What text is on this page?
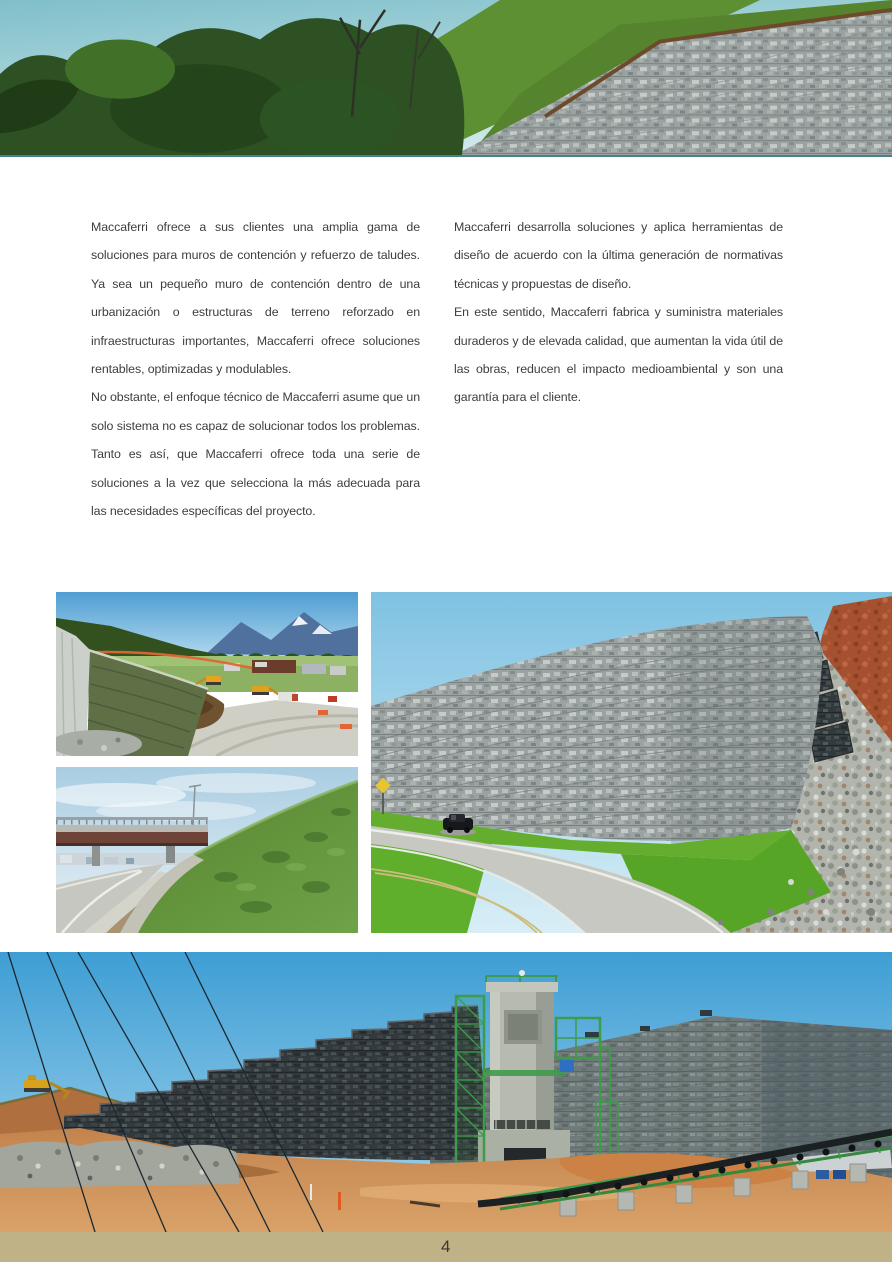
Maccaferri ofrece a sus clientes una amplia gama de soluciones para muros de contención y refuerzo de taludes. Ya sea un pequeño muro de contención dentro de una urbanización o estructuras de terreno reforzado en infraestructuras importantes, Maccaferri ofrece soluciones rentables, optimizadas y modulables.

No obstante, el enfoque técnico de Maccaferri asume que un solo sistema no es capaz de solucionar todos los problemas. Tanto es así, que Maccaferri ofrece toda una serie de soluciones a la vez que selecciona la más adecuada para las necesidades específicas del proyecto.

Maccaferri desarrolla soluciones y aplica herramientas de diseño de acuerdo con la última generación de normativas técnicas y propuestas de diseño.

En este sentido, Maccaferri fabrica y suministra materiales duraderos y de elevada calidad, que aumentan la vida útil de las obras, reducen el impacto medioambiental y son una garantía para el cliente.

4
